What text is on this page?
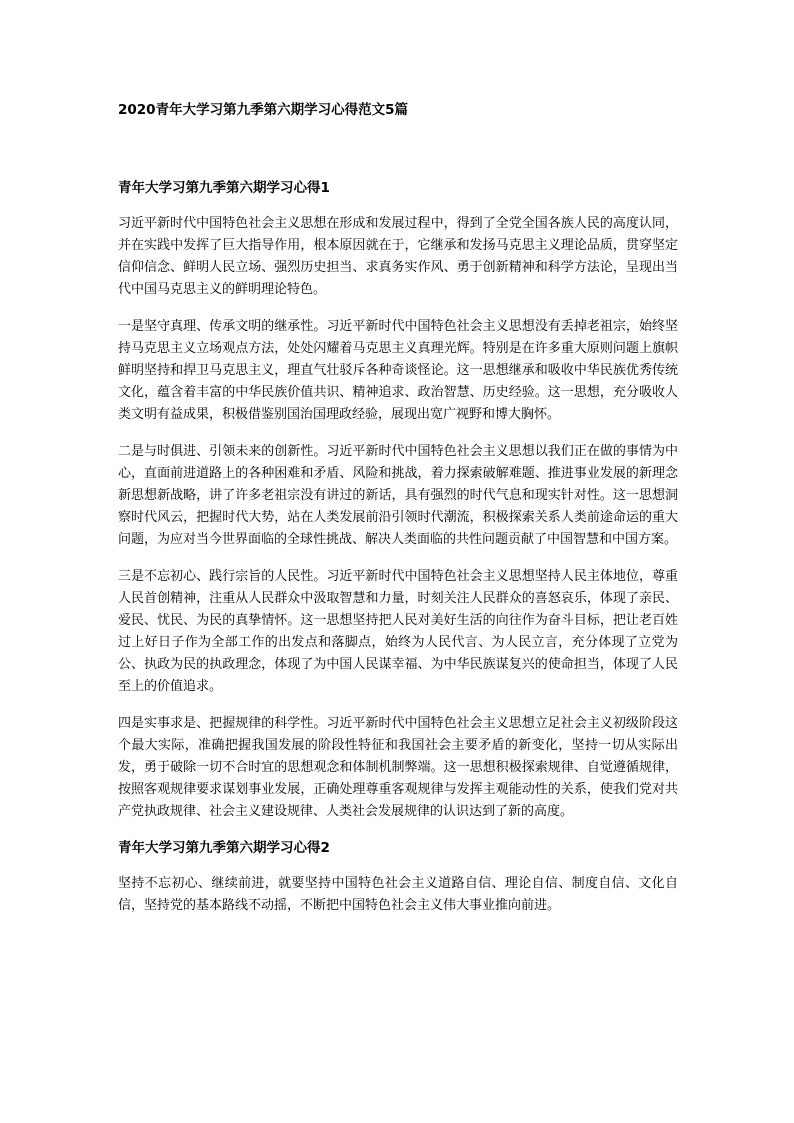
2020青年大学习第九季第六期学习心得范文5篇
青年大学习第九季第六期学习心得1

习近平新时代中国特色社会主义思想在形成和发展过程中，得到了全党全国各族人民的高度认同，并在实践中发挥了巨大指导作用，根本原因就在于，它继承和发扬马克思主义理论品质，贯穿坚定信仰信念、鲜明人民立场、强烈历史担当、求真务实作风、勇于创新精神和科学方法论，呈现出当代中国马克思主义的鲜明理论特色。

一是坚守真理、传承文明的继承性。习近平新时代中国特色社会主义思想没有丢掉老祖宗，始终坚持马克思主义立场观点方法，处处闪耀着马克思主义真理光辉。特别是在许多重大原则问题上旗帜鲜明坚持和捍卫马克思主义，理直气壮驳斥各种奇谈怪论。这一思想继承和吸收中华民族优秀传统文化，蕴含着丰富的中华民族价值共识、精神追求、政治智慧、历史经验。这一思想，充分吸收人类文明有益成果，积极借鉴别国治国理政经验，展现出宽广视野和博大胸怀。

二是与时俱进、引领未来的创新性。习近平新时代中国特色社会主义思想以我们正在做的事情为中心，直面前进道路上的各种困难和矛盾、风险和挑战，着力探索破解难题、推进事业发展的新理念新思想新战略，讲了许多老祖宗没有讲过的新话，具有强烈的时代气息和现实针对性。这一思想洞察时代风云，把握时代大势，站在人类发展前沿引领时代潮流，积极探索关系人类前途命运的重大问题，为应对当今世界面临的全球性挑战、解决人类面临的共性问题贡献了中国智慧和中国方案。

三是不忘初心、践行宗旨的人民性。习近平新时代中国特色社会主义思想坚持人民主体地位，尊重人民首创精神，注重从人民群众中汲取智慧和力量，时刻关注人民群众的喜怒哀乐，体现了亲民、爱民、忧民、为民的真挚情怀。这一思想坚持把人民对美好生活的向往作为奋斗目标，把让老百姓过上好日子作为全部工作的出发点和落脚点，始终为人民代言、为人民立言，充分体现了立党为公、执政为民的执政理念，体现了为中国人民谋幸福、为中华民族谋复兴的使命担当，体现了人民至上的价值追求。

四是实事求是、把握规律的科学性。习近平新时代中国特色社会主义思想立足社会主义初级阶段这个最大实际，准确把握我国发展的阶段性特征和我国社会主要矛盾的新变化，坚持一切从实际出发，勇于破除一切不合时宜的思想观念和体制机制弊端。这一思想积极探索规律、自觉遵循规律，按照客观规律要求谋划事业发展，正确处理尊重客观规律与发挥主观能动性的关系，使我们党对共产党执政规律、社会主义建设规律、人类社会发展规律的认识达到了新的高度。

青年大学习第九季第六期学习心得2

坚持不忘初心、继续前进，就要坚持中国特色社会主义道路自信、理论自信、制度自信、文化自信，坚持党的基本路线不动摇，不断把中国特色社会主义伟大事业推向前进。
